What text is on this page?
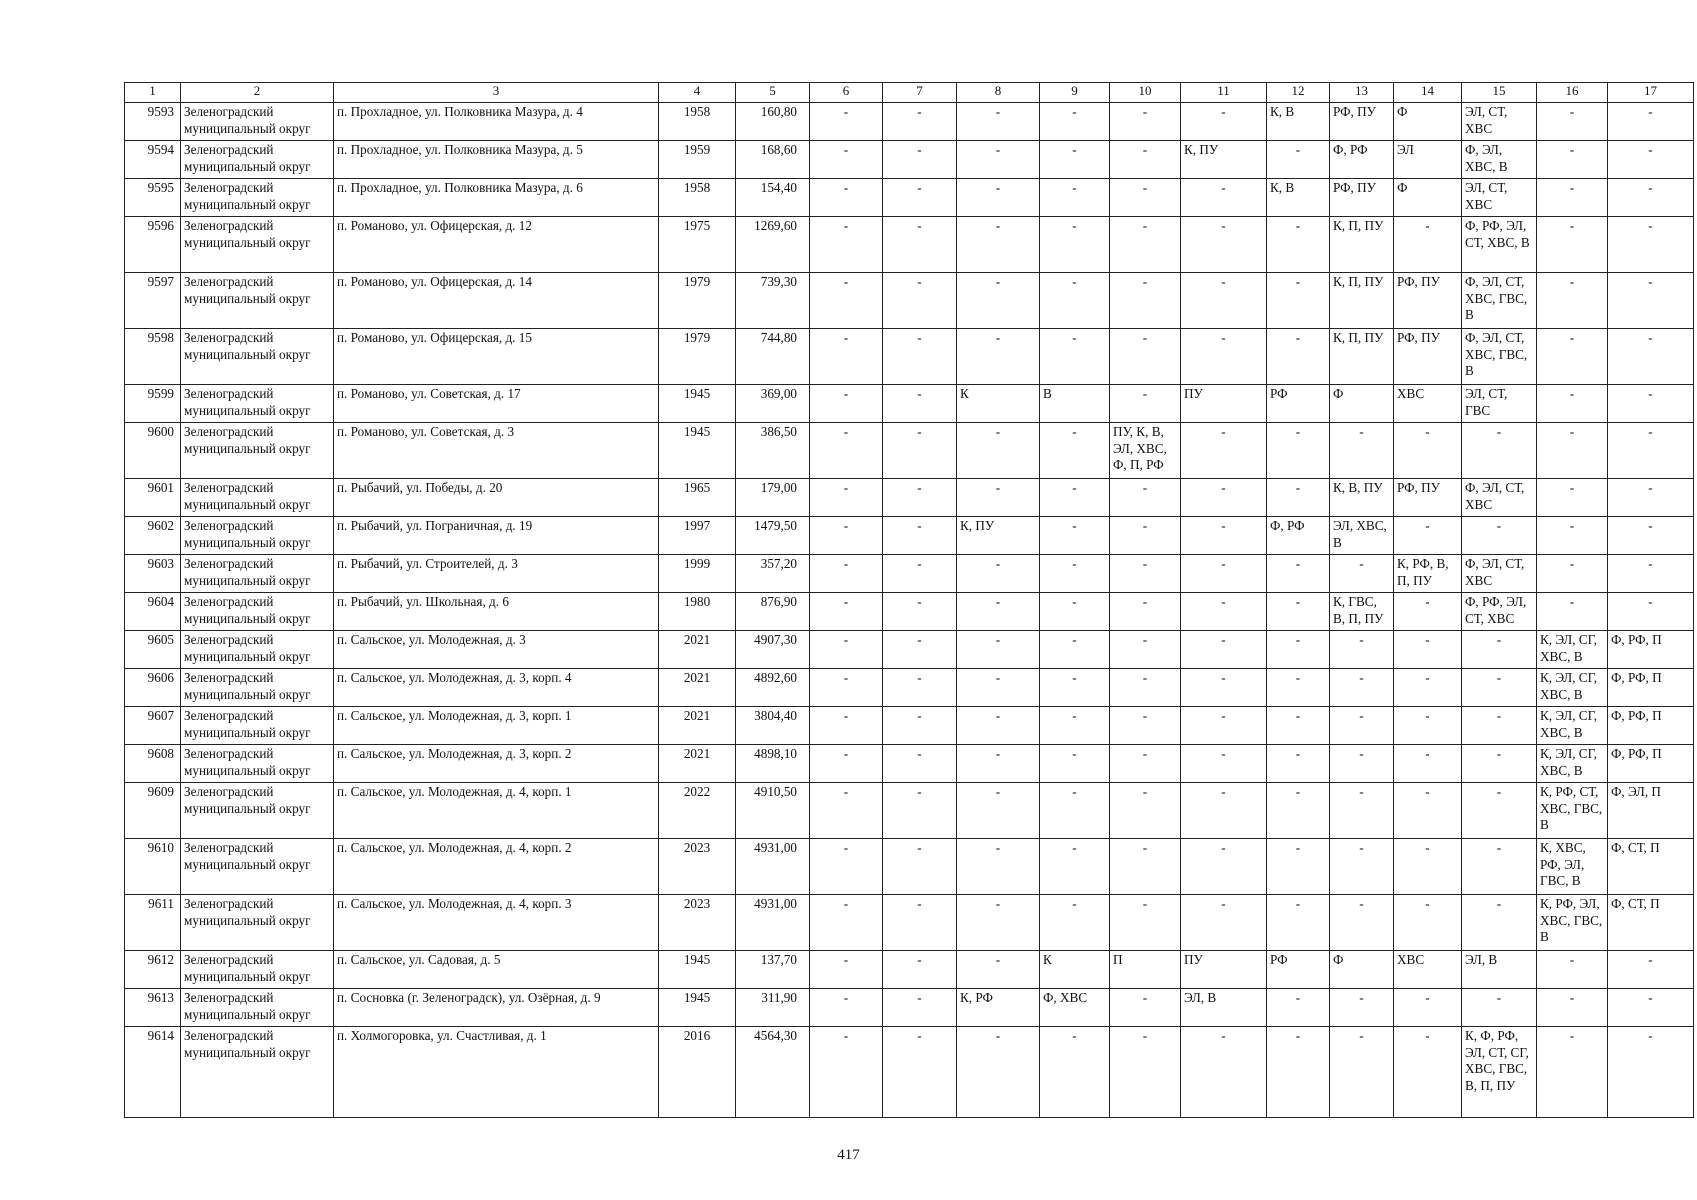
1	2	3	4	5	6	7	8	9	10	11	12	13	14	15	16	17
9593	Зеленоградский муниципальный округ	п. Прохладное, ул. Полковника Мазура, д. 4	1958	160,80	-	-	-	-	-	-	К, В	РФ, ПУ	Ф	ЭЛ, СТ, ХВС	-	-
9594	Зеленоградский муниципальный округ	п. Прохладное, ул. Полковника Мазура, д. 5	1959	168,60	-	-	-	-	-	К, ПУ	-	Ф, РФ	ЭЛ	Ф, ЭЛ, ХВС, В	-	-
9595	Зеленоградский муниципальный округ	п. Прохладное, ул. Полковника Мазура, д. 6	1958	154,40	-	-	-	-	-	-	К, В	РФ, ПУ	Ф	ЭЛ, СТ, ХВС	-	-
9596	Зеленоградский муниципальный округ	п. Романово, ул. Офицерская, д. 12	1975	1269,60	-	-	-	-	-	-	-	К, П, ПУ	-	Ф, РФ, ЭЛ, СТ, ХВС, В	-	-
9597	Зеленоградский муниципальный округ	п. Романово, ул. Офицерская, д. 14	1979	739,30	-	-	-	-	-	-	-	К, П, ПУ	РФ, ПУ	Ф, ЭЛ, СТ, ХВС, ГВС, В	-	-
9598	Зеленоградский муниципальный округ	п. Романово, ул. Офицерская, д. 15	1979	744,80	-	-	-	-	-	-	-	К, П, ПУ	РФ, ПУ	Ф, ЭЛ, СТ, ХВС, ГВС, В	-	-
9599	Зеленоградский муниципальный округ	п. Романово, ул. Советская, д. 17	1945	369,00	-	-	К	В	-	ПУ	РФ	Ф	ХВС	ЭЛ, СТ, ГВС	-	-
9600	Зеленоградский муниципальный округ	п. Романово, ул. Советская, д. 3	1945	386,50	-	-	-	-	ПУ, К, В, ЭЛ, ХВС, Ф, П, РФ	-	-	-	-	-	-	-
9601	Зеленоградский муниципальный округ	п. Рыбачий, ул. Победы, д. 20	1965	179,00	-	-	-	-	-	-	-	К, В, ПУ	РФ, ПУ	Ф, ЭЛ, СТ, ХВС	-	-
9602	Зеленоградский муниципальный округ	п. Рыбачий, ул. Пограничная, д. 19	1997	1479,50	-	-	К, ПУ	-	-	-	Ф, РФ	ЭЛ, ХВС, В	-	-	-	-
9603	Зеленоградский муниципальный округ	п. Рыбачий, ул. Строителей, д. 3	1999	357,20	-	-	-	-	-	-	-	-	К, РФ, В, П, ПУ	Ф, ЭЛ, СТ, ХВС	-	-
9604	Зеленоградский муниципальный округ	п. Рыбачий, ул. Школьная, д. 6	1980	876,90	-	-	-	-	-	-	-	К, ГВС, В, П, ПУ	-	Ф, РФ, ЭЛ, СТ, ХВС	-	-
9605	Зеленоградский муниципальный округ	п. Сальское, ул. Молодежная, д. 3	2021	4907,30	-	-	-	-	-	-	-	-	-	-	К, ЭЛ, СГ, ХВС, В	Ф, РФ, П
9606	Зеленоградский муниципальный округ	п. Сальское, ул. Молодежная, д. 3, корп. 4	2021	4892,60	-	-	-	-	-	-	-	-	-	-	К, ЭЛ, СГ, ХВС, В	Ф, РФ, П
9607	Зеленоградский муниципальный округ	п. Сальское, ул. Молодежная, д. 3, корп. 1	2021	3804,40	-	-	-	-	-	-	-	-	-	-	К, ЭЛ, СГ, ХВС, В	Ф, РФ, П
9608	Зеленоградский муниципальный округ	п. Сальское, ул. Молодежная, д. 3, корп. 2	2021	4898,10	-	-	-	-	-	-	-	-	-	-	К, ЭЛ, СГ, ХВС, В	Ф, РФ, П
9609	Зеленоградский муниципальный округ	п. Сальское, ул. Молодежная, д. 4, корп. 1	2022	4910,50	-	-	-	-	-	-	-	-	-	-	К, РФ, СТ, ХВС, ГВС, В	Ф, ЭЛ, П
9610	Зеленоградский муниципальный округ	п. Сальское, ул. Молодежная, д. 4, корп. 2	2023	4931,00	-	-	-	-	-	-	-	-	-	-	К, ХВС, РФ, ЭЛ, ГВС, В	Ф, СТ, П
9611	Зеленоградский муниципальный округ	п. Сальское, ул. Молодежная, д. 4, корп. 3	2023	4931,00	-	-	-	-	-	-	-	-	-	-	К, РФ, ЭЛ, ХВС, ГВС, В	Ф, СТ, П
9612	Зеленоградский муниципальный округ	п. Сальское, ул. Садовая, д. 5	1945	137,70	-	-	-	К	П	ПУ	РФ	Ф	ХВС	ЭЛ, В	-	-
9613	Зеленоградский муниципальный округ	п. Сосновка (г. Зеленоградск), ул. Озёрная, д. 9	1945	311,90	-	-	К, РФ	Ф, ХВС	-	ЭЛ, В	-	-	-	-	-	-
9614	Зеленоградский муниципальный округ	п. Холмогоровка, ул. Счастливая, д. 1	2016	4564,30	-	-	-	-	-	-	-	-	-	К, Ф, РФ, ЭЛ, СТ, СГ, ХВС, ГВС, В, П, ПУ	-	-
417
